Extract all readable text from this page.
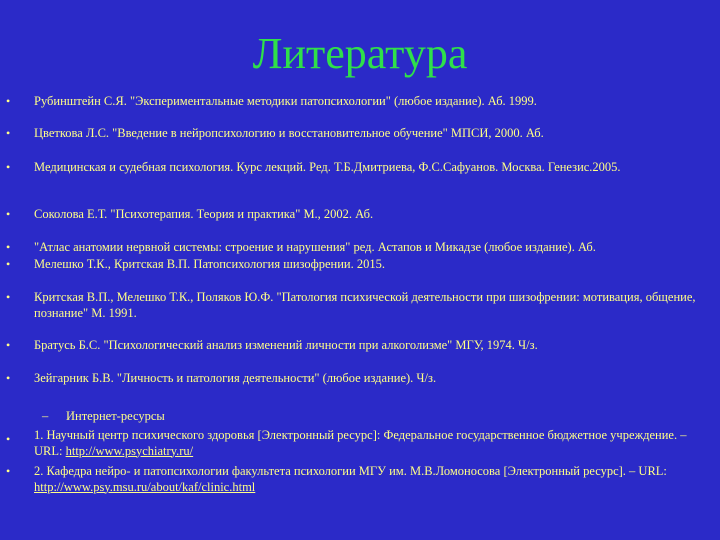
Литература
•	Рубинштейн С.Я. "Экспериментальные методики патопсихологии" (любое издание). Аб. 1999.
•	Цветкова Л.С. "Введение в нейропсихологию и восстановительное обучение" МПСИ, 2000. Аб.
•	Медицинская и судебная психология. Курс лекций. Ред. Т.Б.Дмитриева, Ф.С.Сафуанов. Москва. Генезис.2005.
•	Соколова Е.Т. "Психотерапия. Теория и практика" М., 2002. Аб.
•	"Атлас анатомии нервной системы: строение и нарушения" ред. Астапов и Микадзе (любое издание). Аб.
•	Мелешко Т.К., Критская В.П. Патопсихология шизофрении. 2015.
•	Критская В.П., Мелешко Т.К., Поляков Ю.Ф. "Патология психической деятельности при шизофрении: мотивация, общение, познание" М. 1991.
•	Братусь Б.С. "Психологический анализ изменений личности при алкоголизме" МГУ, 1974. Ч/з.
•	Зейгарник Б.В. "Личность и патология деятельности" (любое издание). Ч/з.
– Интернет-ресурсы
•	1. Научный центр психического здоровья [Электронный ресурс]: Федеральное государственное бюджетное учреждение. – URL: http://www.psychiatry.ru/
•	2. Кафедра нейро- и патопсихологии факультета психологии МГУ им. М.В.Ломоносова [Электронный ресурс]. – URL: http://www.psy.msu.ru/about/kaf/clinic.html
